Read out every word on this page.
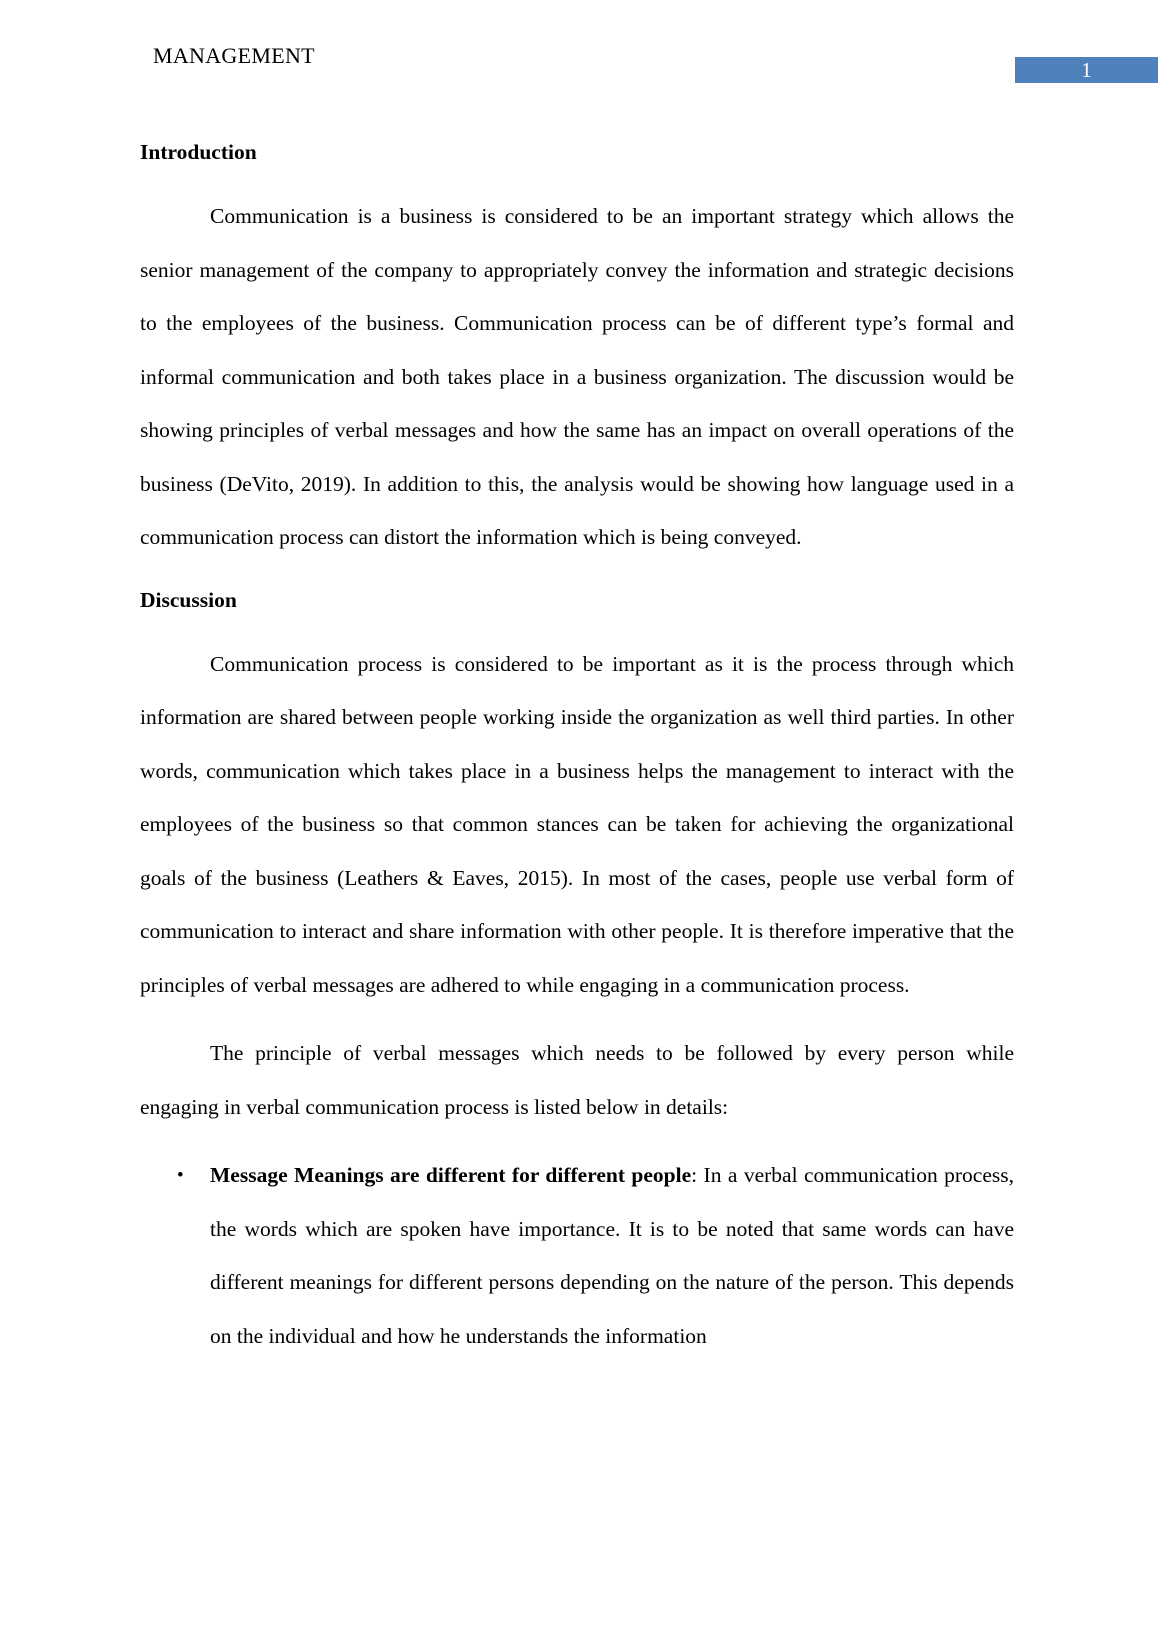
MANAGEMENT
1
Introduction

Communication is a business is considered to be an important strategy which allows the senior management of the company to appropriately convey the information and strategic decisions to the employees of the business. Communication process can be of different type’s formal and informal communication and both takes place in a business organization. The discussion would be showing principles of verbal messages and how the same has an impact on overall operations of the business (DeVito, 2019). In addition to this, the analysis would be showing how language used in a communication process can distort the information which is being conveyed.

Discussion

Communication process is considered to be important as it is the process through which information are shared between people working inside the organization as well third parties. In other words, communication which takes place in a business helps the management to interact with the employees of the business so that common stances can be taken for achieving the organizational goals of the business (Leathers & Eaves, 2015). In most of the cases, people use verbal form of communication to interact and share information with other people. It is therefore imperative that the principles of verbal messages are adhered to while engaging in a communication process.

The principle of verbal messages which needs to be followed by every person while engaging in verbal communication process is listed below in details:

• Message Meanings are different for different people: In a verbal communication process, the words which are spoken have importance. It is to be noted that same words can have different meanings for different persons depending on the nature of the person. This depends on the individual and how he understands the information
